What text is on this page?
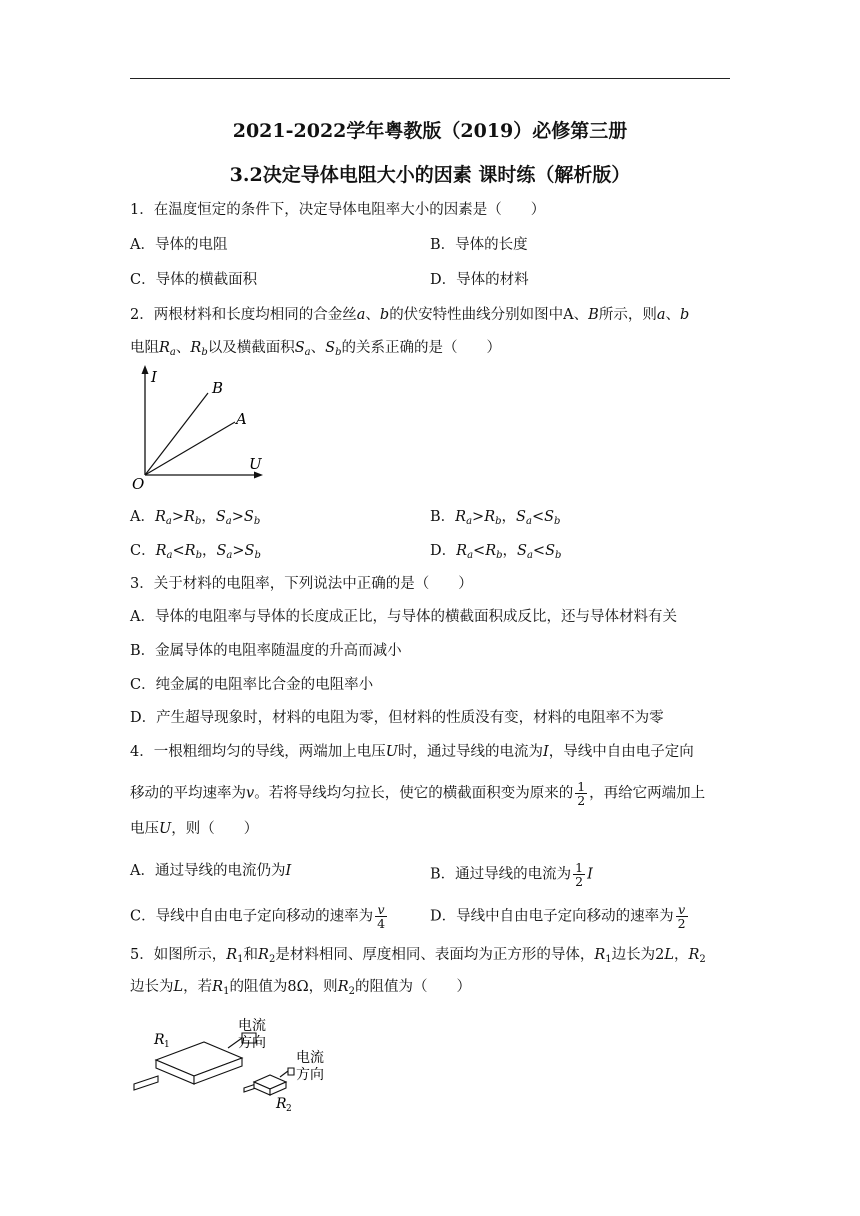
2021-2022学年粤教版（2019）必修第三册
3.2决定导体电阻大小的因素 课时练（解析版）
1．在温度恒定的条件下，决定导体电阻率大小的因素是（　　）
A．导体的电阻	B．导体的长度
C．导体的横截面积	D．导体的材料
2．两根材料和长度均相同的合金丝a、b的伏安特性曲线分别如图中A、B所示，则a、b
电阻$R_a$、$R_b$以及横截面积$S_a$、$S_b$的关系正确的是（　　）
I
U
O
B
A
A．$R_a>R_b$，$S_a>S_b$	B．$R_a>R_b$，$S_a<S_b$
C．$R_a<R_b$，$S_a>S_b$	D．$R_a<R_b$，$S_a<S_b$
3．关于材料的电阻率，下列说法中正确的是（　　）
A．导体的电阻率与导体的长度成正比，与导体的横截面积成反比，还与导体材料有关
B．金属导体的电阻率随温度的升高而减小
C．纯金属的电阻率比合金的电阻率小
D．产生超导现象时，材料的电阻为零，但材料的性质没有变，材料的电阻率不为零
4．一根粗细均匀的导线，两端加上电压U时，通过导线的电流为I，导线中自由电子定向
移动的平均速率为v。若将导线均匀拉长，使它的横截面积变为原来的 $\frac{1}{2}$ ，再给它两端加上
电压U，则（　　）
A．通过导线的电流仍为I	B．通过导线的电流为 $\frac{1}{2}$ I
C．导线中自由电子定向移动的速率为 $\frac{v}{4}$	D．导线中自由电子定向移动的速率为 $\frac{v}{2}$
5．如图所示，$R_1$和$R_2$是材料相同、厚度相同、表面均为正方形的导体，$R_1$边长为2L，$R_2$
边长为L，若$R_1$的阻值为8Ω，则$R_2$的阻值为（　　）
R 1
R 2
电流
方向
电流
方向
